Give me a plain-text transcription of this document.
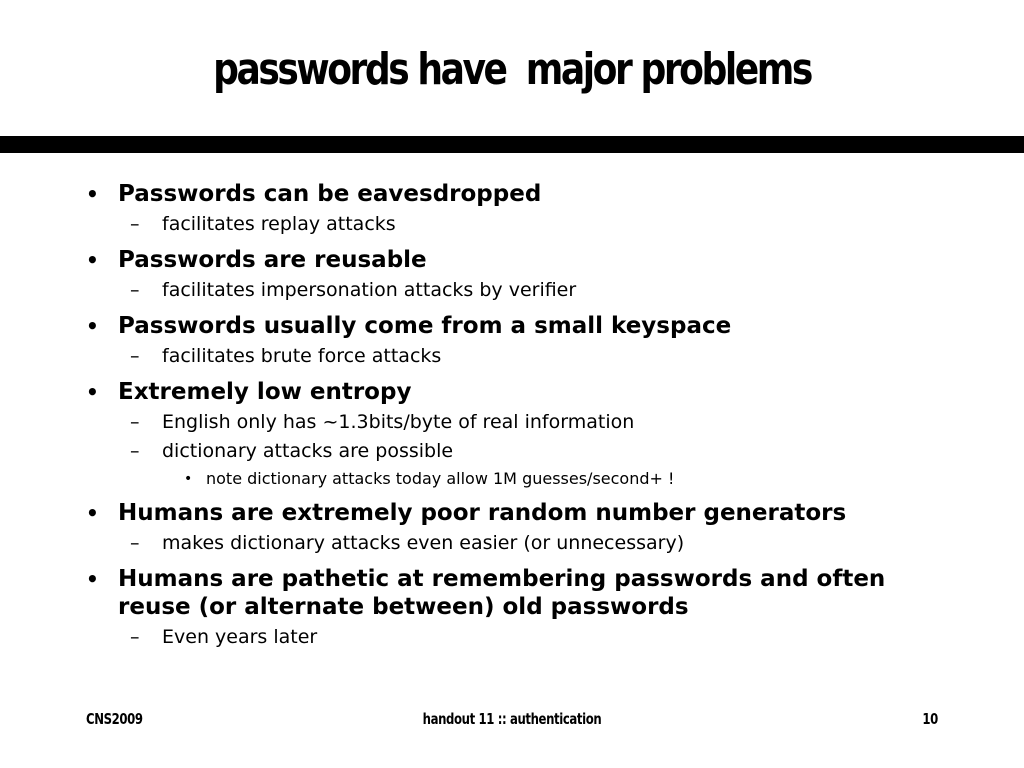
passwords have  major problems
• Passwords can be eavesdropped
– facilitates replay attacks
• Passwords are reusable
– facilitates impersonation attacks by verifier
• Passwords usually come from a small keyspace
– facilitates brute force attacks
• Extremely low entropy
– English only has ~1.3bits/byte of real information
– dictionary attacks are possible
• note dictionary attacks today allow 1M guesses/second+ !
• Humans are extremely poor random number generators
– makes dictionary attacks even easier (or unnecessary)
• Humans are pathetic at remembering passwords and often reuse (or alternate between) old passwords
– Even years later
CNS2009	handout 11 :: authentication	10
